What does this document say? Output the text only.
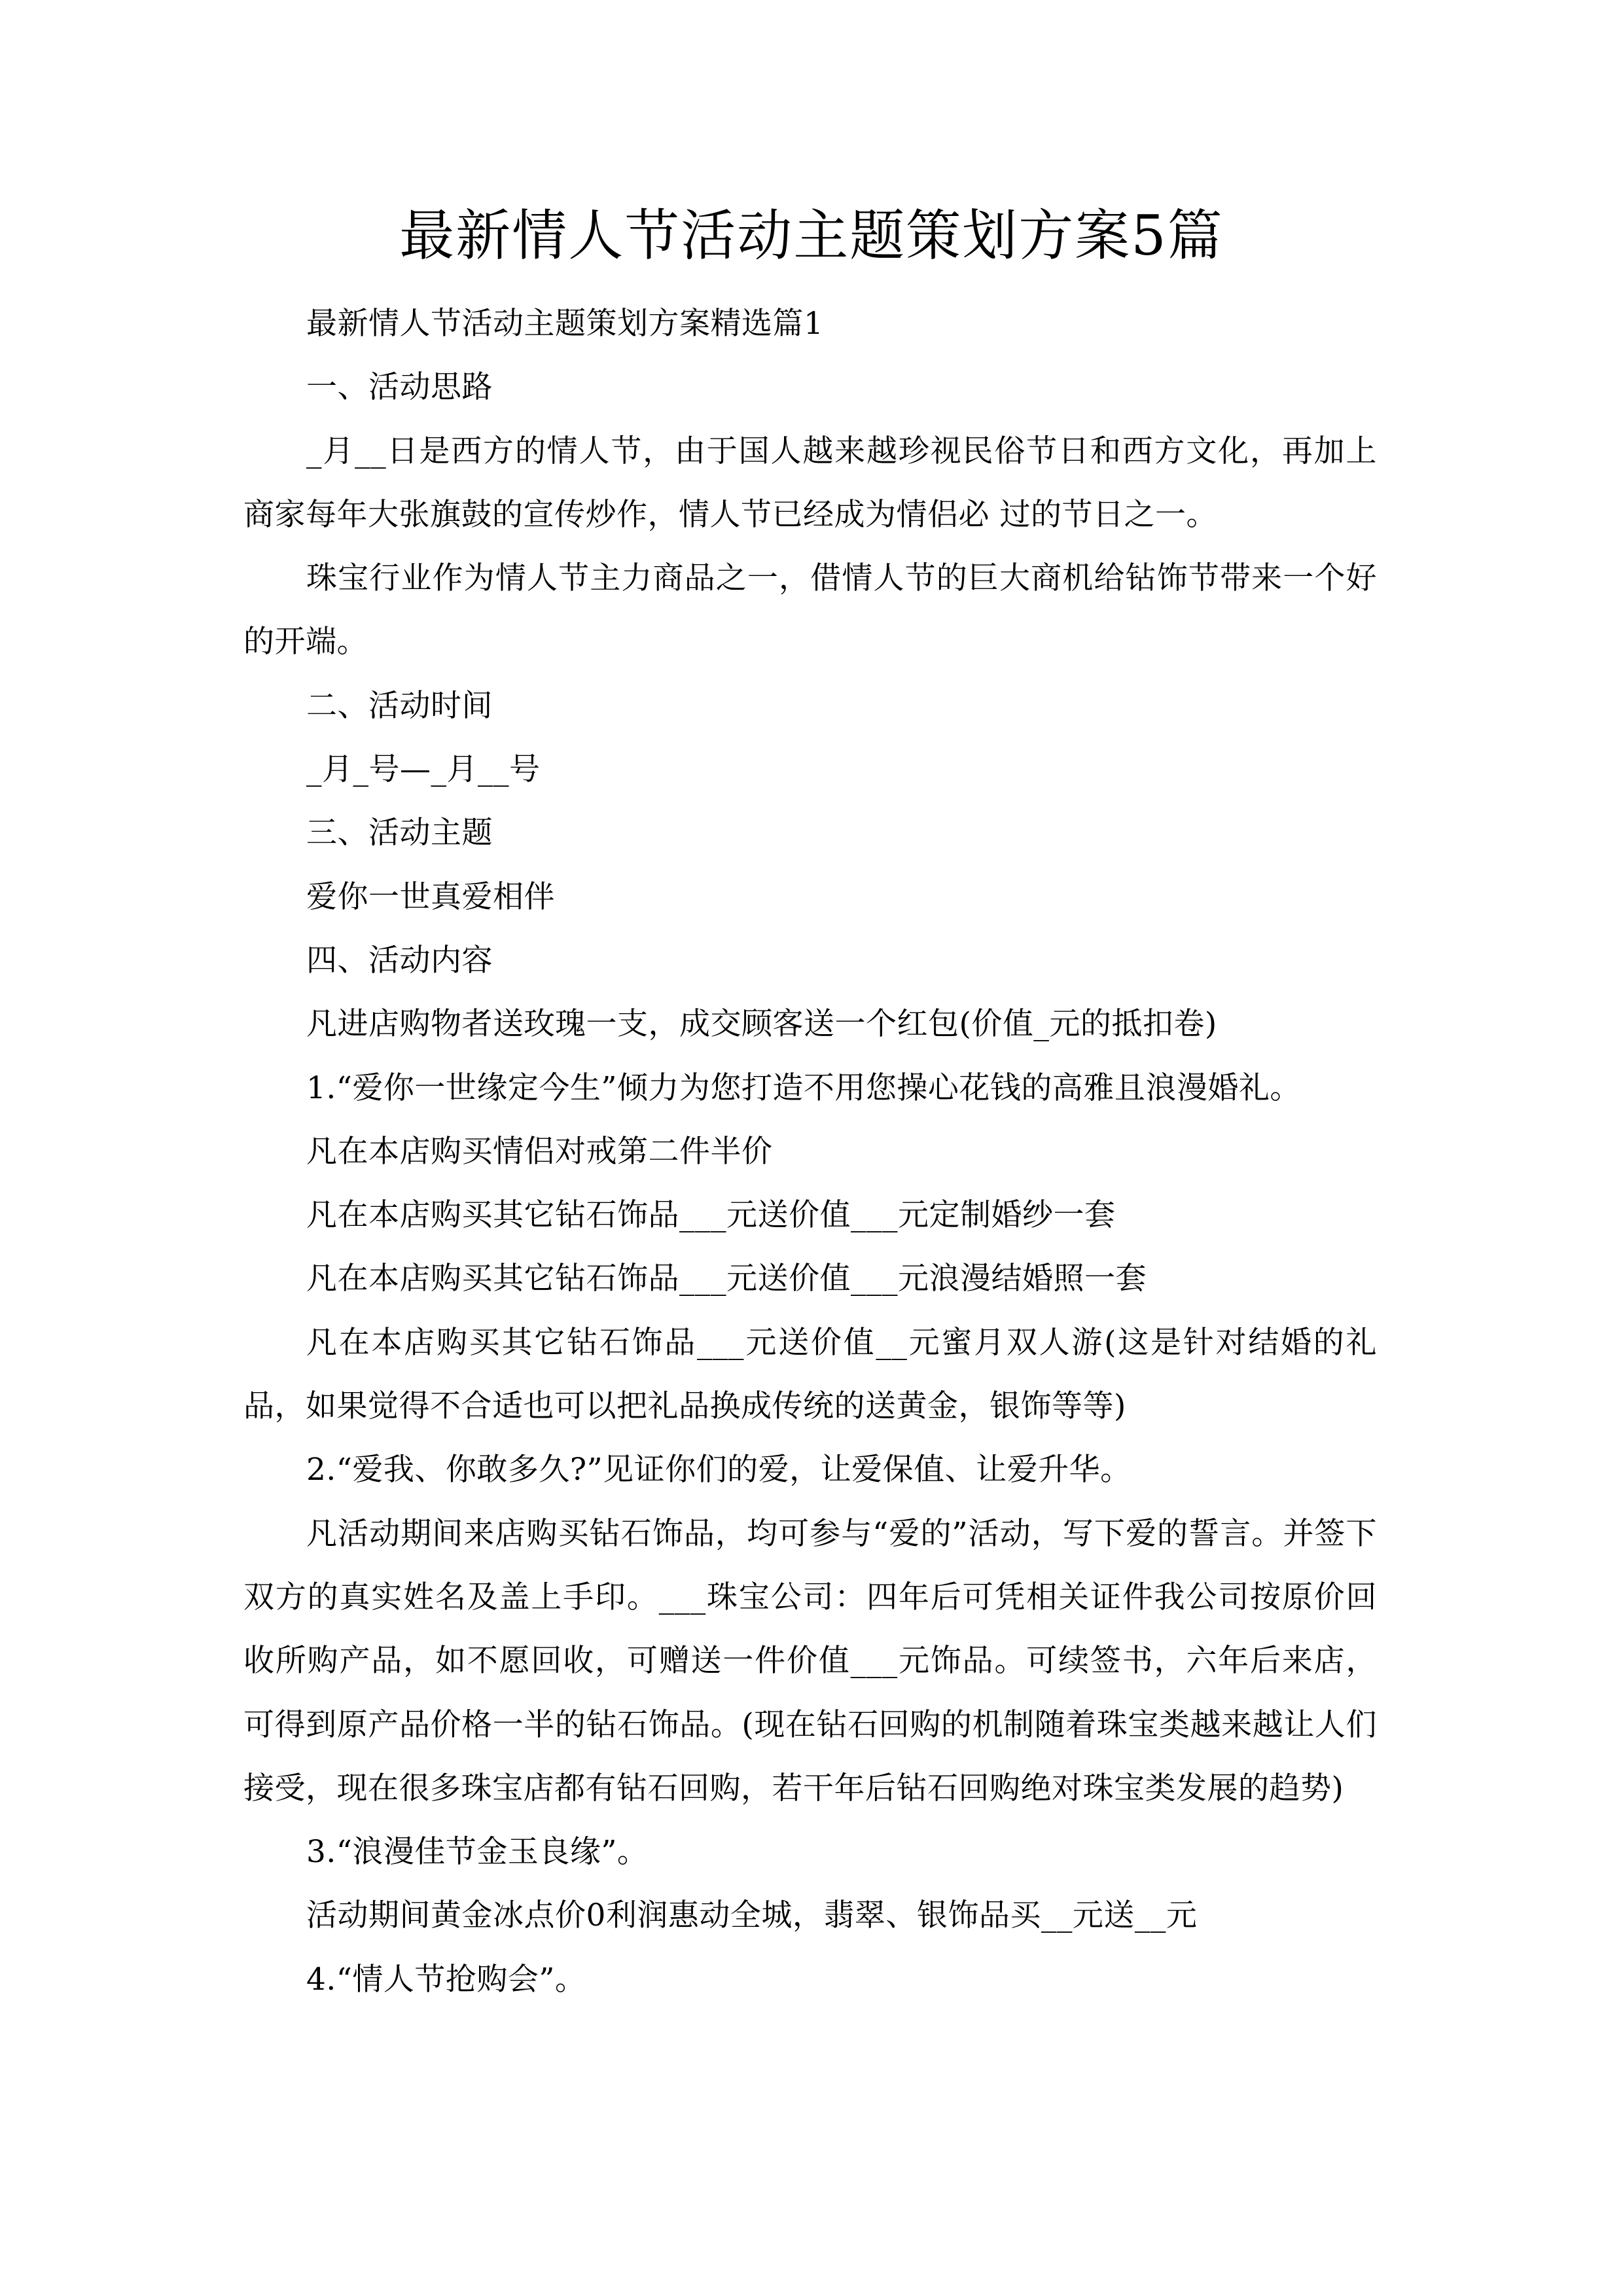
最新情人节活动主题策划方案5篇

最新情人节活动主题策划方案精选篇1

一、活动思路

_月__日是西方的情人节，由于国人越来越珍视民俗节日和西方文化，再加上商家每年大张旗鼓的宣传炒作，情人节已经成为情侣必 过的节日之一。

珠宝行业作为情人节主力商品之一，借情人节的巨大商机给钻饰节带来一个好的开端。

二、活动时间

_月_号—_月__号

三、活动主题

爱你一世真爱相伴

四、活动内容

凡进店购物者送玫瑰一支，成交顾客送一个红包(价值_元的抵扣卷)

1.“爱你一世缘定今生”倾力为您打造不用您操心花钱的高雅且浪漫婚礼。

凡在本店购买情侣对戒第二件半价

凡在本店购买其它钻石饰品___元送价值___元定制婚纱一套

凡在本店购买其它钻石饰品___元送价值___元浪漫结婚照一套

凡在本店购买其它钻石饰品___元送价值__元蜜月双人游(这是针对结婚的礼品，如果觉得不合适也可以把礼品换成传统的送黄金，银饰等等)

2.“爱我、你敢多久?”见证你们的爱，让爱保值、让爱升华。

凡活动期间来店购买钻石饰品，均可参与“爱的”活动，写下爱的誓言。并签下双方的真实姓名及盖上手印。___珠宝公司：四年后可凭相关证件我公司按原价回收所购产品，如不愿回收，可赠送一件价值___元饰品。可续签书，六年后来店，可得到原产品价格一半的钻石饰品。(现在钻石回购的机制随着珠宝类越来越让人们接受，现在很多珠宝店都有钻石回购，若干年后钻石回购绝对珠宝类发展的趋势)

3.“浪漫佳节金玉良缘”。

活动期间黄金冰点价0利润惠动全城，翡翠、银饰品买__元送__元

4.“情人节抢购会”。
